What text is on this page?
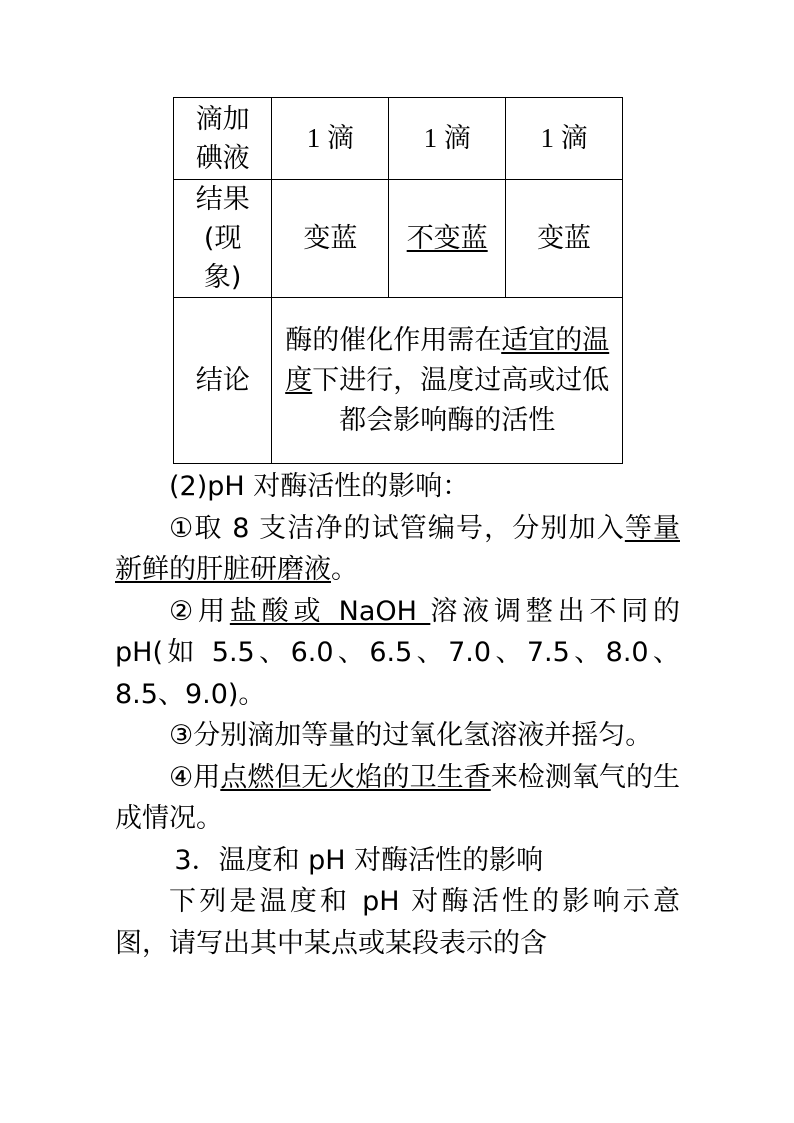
滴加碘液	1 滴	1 滴	1 滴
结果(现象)	变蓝	不变蓝	变蓝
结论	酶的催化作用需在适宜的温度下进行，温度过高或过低都会影响酶的活性		

(2)pH 对酶活性的影响：

①取 8 支洁净的试管编号，分别加入等量新鲜的肝脏研磨液。

②用盐酸或 NaOH 溶液调整出不同的 pH(如 5.5、6.0、6.5、7.0、7.5、8.0、8.5、9.0)。

③分别滴加等量的过氧化氢溶液并摇匀。

④用点燃但无火焰的卫生香来检测氧气的生成情况。

3．温度和 pH 对酶活性的影响

下列是温度和 pH 对酶活性的影响示意图，请写出其中某点或某段表示的含
